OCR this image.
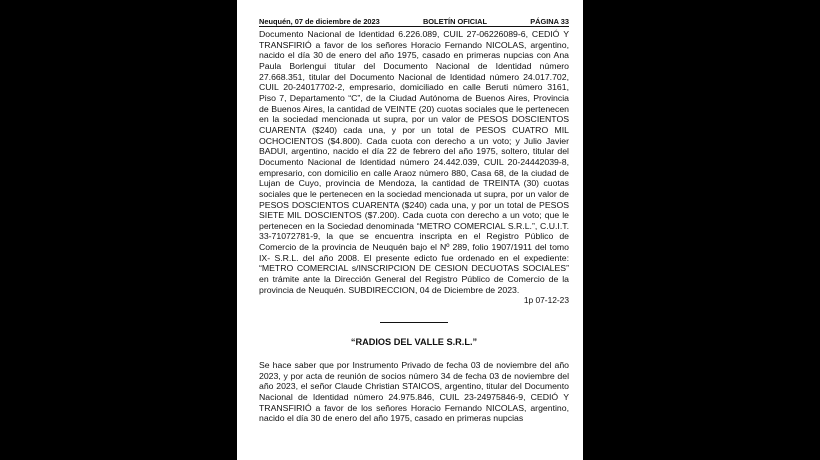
Neuquén, 07 de diciembre de 2023	BOLETÍN OFICIAL	PÁGINA 33

Documento Nacional de Identidad 6.226.089, CUIL 27-06226089-6, CEDIÓ Y TRANSFIRIÓ a favor de los señores Horacio Fernando NICOLAS, argentino, nacido el día 30 de enero del año 1975, casado en primeras nupcias con Ana Paula Borlengui titular del Documento Nacional de Identidad número 27.668.351, titular del Documento Nacional de Identidad número 24.017.702, CUIL 20-24017702-2, empresario, domiciliado en calle Beruti número 3161, Piso 7, Departamento “C”, de la Ciudad Autónoma de Buenos Aires, Provincia de Buenos Aires, la cantidad de VEINTE (20) cuotas sociales que le pertenecen en la sociedad mencionada ut supra, por un valor de PESOS DOSCIENTOS CUARENTA ($240) cada una, y por un total de PESOS CUATRO MIL OCHOCIENTOS ($4.800). Cada cuota con derecho a un voto; y Julio Javier BADUI, argentino, nacido el día 22 de febrero del año 1975, soltero, titular del Documento Nacional de Identidad número 24.442.039, CUIL 20-24442039-8, empresario, con domicilio en calle Araoz número 880, Casa 68, de la ciudad de Lujan de Cuyo, provincia de Mendoza, la cantidad de TREINTA (30) cuotas sociales que le pertenecen en la sociedad mencionada ut supra, por un valor de PESOS DOSCIENTOS CUARENTA ($240) cada una, y por un total de PESOS SIETE MIL DOSCIENTOS ($7.200). Cada cuota con derecho a un voto; que le pertenecen en la Sociedad denominada “METRO COMERCIAL S.R.L.”, C.U.I.T. 33-71072781-9, la que se encuentra inscripta en el Registro Público de Comercio de la provincia de Neuquén bajo el Nº 289, folio 1907/1911 del tomo IX- S.R.L. del año 2008. El presente edicto fue ordenado en el expediente: “METRO COMERCIAL s/INSCRIPCION DE CESION DECUOTAS SOCIALES” en trámite ante la Dirección General del Registro Público de Comercio de la provincia de Neuquén. SUBDIRECCION, 04 de Diciembre de 2023.

1p 07-12-23

“RADIOS DEL VALLE S.R.L.”

Se hace saber que por Instrumento Privado de fecha 03 de noviembre del año 2023, y por acta de reunión de socios número 34 de fecha 03 de noviembre del año 2023, el señor Claude Christian STAICOS, argentino, titular del Documento Nacional de Identidad número 24.975.846, CUIL 23-24975846-9, CEDIÓ Y TRANSFIRIÓ a favor de los señores Horacio Fernando NICOLAS, argentino, nacido el día 30 de enero del año 1975, casado en primeras nupcias
